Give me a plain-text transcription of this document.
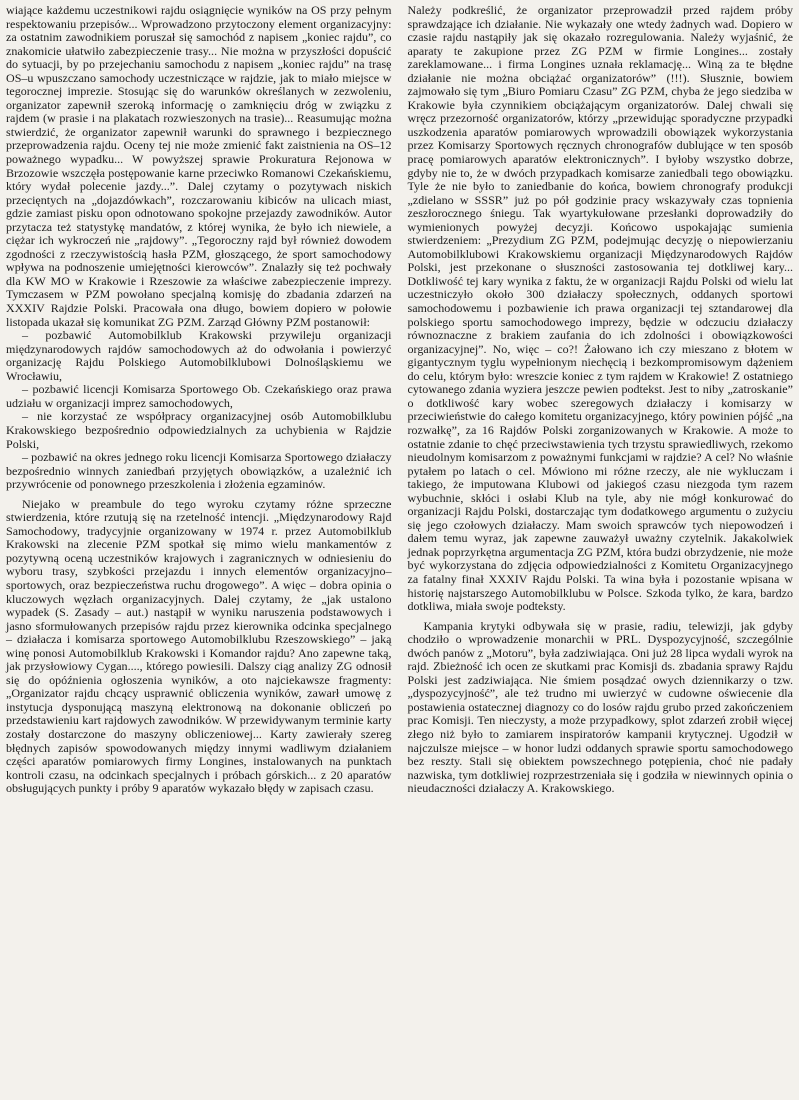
wiające każdemu uczestnikowi rajdu osiągnięcie wyników na OS przy pełnym respektowaniu przepisów... Wprowadzono przytoczony element organizacyjny: za ostatnim zawodnikiem poruszał się samochód z napisem „koniec rajdu”, co znakomicie ułatwiło zabezpieczenie trasy... Nie można w przyszłości dopuścić do sytuacji, by po przejechaniu samochodu z napisem „koniec rajdu” na trasę OS–u wpuszczano samochody uczestniczące w rajdzie, jak to miało miejsce w tegorocznej imprezie. Stosując się do warunków określanych w zezwoleniu, organizator zapewnił szeroką informację o zamknięciu dróg w związku z rajdem (w prasie i na plakatach rozwieszonych na trasie)... Reasumując można stwierdzić, że organizator zapewnił warunki do sprawnego i bezpiecznego przeprowadzenia rajdu. Oceny tej nie może zmienić fakt zaistnienia na OS–12 poważnego wypadku... W powyższej sprawie Prokuratura Rejonowa w Brzozowie wszczęła postępowanie karne przeciwko Romanowi Czekańskiemu, który wydał polecenie jazdy...”. Dalej czytamy o pozytywach niskich przecięntych na „dojazdówkach”, rozczarowaniu kibiców na ulicach miast, gdzie zamiast pisku opon odnotowano spokojne przejazdy zawodników. Autor przytacza też statystykę mandatów, z której wynika, że było ich niewiele, a ciężar ich wykroczeń nie „rajdowy”. „Tegoroczny rajd był również dowodem zgodności z rzeczywistością hasła PZM, głoszącego, że sport samochodowy wpływa na podnoszenie umiejętności kierowców”. Znalazły się też pochwały dla KW MO w Krakowie i Rzeszowie za właściwe zabezpieczenie imprezy. Tymczasem w PZM powołano specjalną komisję do zbadania zdarzeń na XXXIV Rajdzie Polski. Pracowała ona długo, bowiem dopiero w połowie listopada ukazał się komunikat ZG PZM. Zarząd Główny PZM postanowił:

– pozbawić Automobilklub Krakowski przywileju organizacji międzynarodowych rajdów samochodowych aż do odwołania i powierzyć organizację Rajdu Polskiego Automobilklubowi Dolnośląskiemu we Wrocławiu,

– pozbawić licencji Komisarza Sportowego Ob. Czekańskiego oraz prawa udziału w organizacji imprez samochodowych,

– nie korzystać ze współpracy organizacyjnej osób Automobilklubu Krakowskiego bezpośrednio odpowiedzialnych za uchybienia w Rajdzie Polski,

– pozbawić na okres jednego roku licencji Komisarza Sportowego działaczy bezpośrednio winnych zaniedbań przyjętych obowiązków, a uzależnić ich przywrócenie od ponownego przeszkolenia i złożenia egzaminów.

Niejako w preambule do tego wyroku czytamy różne sprzeczne stwierdzenia, które rzutują się na rzetelność intencji. „Międzynarodowy Rajd Samochodowy, tradycyjnie organizowany w 1974 r. przez Automobilklub Krakowski na zlecenie PZM spotkał się mimo wielu mankamentów z pozytywną oceną uczestników krajowych i zagranicznych w odniesieniu do wyboru trasy, szybkości przejazdu i innych elementów organizacyjno–sportowych, oraz bezpieczeństwa ruchu drogowego”. A więc – dobra opinia o kluczowych węzłach organizacyjnych. Dalej czytamy, że „jak ustalono wypadek (S. Zasady – aut.) nastąpił w wyniku naruszenia podstawowych i jasno sformułowanych przepisów rajdu przez kierownika odcinka specjalnego – działacza i komisarza sportowego Automobilklubu Rzeszowskiego” – jaką winę ponosi Automobilklub Krakowski i Komandor rajdu? Ano zapewne taką, jak przysłowiowy Cygan...., którego powiesili. Dalszy ciąg analizy ZG odnosił się do opóźnienia ogłoszenia wyników, a oto najciekawsze fragmenty: „Organizator rajdu chcący usprawnić obliczenia wyników, zawarł umowę z instytucja dysponującą maszyną elektronową na dokonanie obliczeń po przedstawieniu kart rajdowych zawodników. W przewidywanym terminie karty zostały dostarczone do maszyny obliczeniowej... Karty zawierały szereg błędnych zapisów spowodowanych między innymi wadliwym działaniem części aparatów pomiarowych firmy Longines, instalowanych na punktach kontroli czasu, na odcinkach specjalnych i próbach górskich... z 20 aparatów obsługujących punkty i próby 9 aparatów wykazało błędy w zapisach czasu.

Należy podkreślić, że organizator przeprowadził przed rajdem próby sprawdzające ich działanie. Nie wykazały one wtedy żadnych wad. Dopiero w czasie rajdu nastąpiły jak się okazało rozregulowania. Należy wyjaśnić, że aparaty te zakupione przez ZG PZM w firmie Longines... zostały zareklamowane... i firma Longines uznała reklamację... Winą za te błędne działanie nie można obciążać organizatorów” (!!!). Słusznie, bowiem zajmowało się tym „Biuro Pomiaru Czasu” ZG PZM, chyba że jego siedziba w Krakowie była czynnikiem obciążającym organizatorów. Dalej chwali się wręcz przezorność organizatorów, którzy „przewidując sporadyczne przypadki uszkodzenia aparatów pomiarowych wprowadzili obowiązek wykorzystania przez Komisarzy Sportowych ręcznych chronografów dublujące w ten sposób pracę pomiarowych aparatów elektronicznych”. I byłoby wszystko dobrze, gdyby nie to, że w dwóch przypadkach komisarze zaniedbali tego obowiązku. Tyle że nie było to zaniedbanie do końca, bowiem chronografy produkcji „zdielano w SSSR” już po pół godzinie pracy wskazywały czas topnienia zeszłorocznego śniegu. Tak wyartykułowane przesłanki doprowadziły do wymienionych powyżej decyzji. Końcowo uspokajając sumienia stwierdzeniem: „Prezydium ZG PZM, podejmując decyzję o niepowierzaniu Automobilklubowi Krakowskiemu organizacji Międzynarodowych Rajdów Polski, jest przekonane o słuszności zastosowania tej dotkliwej kary... Dotkliwość tej kary wynika z faktu, że w organizacji Rajdu Polski od wielu lat uczestniczyło około 300 działaczy społecznych, oddanych sportowi samochodowemu i pozbawienie ich prawa organizacji tej sztandarowej dla polskiego sportu samochodowego imprezy, będzie w odczuciu działaczy równoznaczne z brakiem zaufania do ich zdolności i obowiązkowości organizacyjnej”. No, więc – co?! Żałowano ich czy mieszano z błotem w gigantycznym tyglu wypełnionym niechęcią i bezkompromisowym dążeniem do celu, którym było: wreszcie koniec z tym rajdem w Krakowie! Z ostatniego cytowanego zdania wyziera jeszcze pewien podtekst. Jest to niby „zatroskanie” o dotkliwość kary wobec szeregowych działaczy i komisarzy w przeciwieństwie do całego komitetu organizacyjnego, który powinien pójść „na rozwałkę”, za 16 Rajdów Polski zorganizowanych w Krakowie. A może to ostatnie zdanie to chęć przeciwstawienia tych trzystu sprawiedliwych, rzekomo nieudolnym komisarzom z poważnymi funkcjami w rajdzie? A cel? No właśnie pytałem po latach o cel. Mówiono mi różne rzeczy, ale nie wykluczam i takiego, że imputowana Klubowi od jakiegoś czasu niezgoda tym razem wybuchnie, skłóci i osłabi Klub na tyle, aby nie mógł konkurować do organizacji Rajdu Polski, dostarczając tym dodatkowego argumentu o zużyciu się jego czołowych działaczy. Mam swoich sprawców tych niepowodzeń i dałem temu wyraz, jak zapewne zauważył uważny czytelnik. Jakakolwiek jednak poprzyrkętna argumentacja ZG PZM, która budzi obrzydzenie, nie może być wykorzystana do zdjęcia odpowiedzialności z Komitetu Organizacyjnego za fatalny finał XXXIV Rajdu Polski. Ta wina była i pozostanie wpisana w historię najstarszego Automobilklubu w Polsce. Szkoda tylko, że kara, bardzo dotkliwa, miała swoje podteksty.

Kampania krytyki odbywała się w prasie, radiu, telewizji, jak gdyby chodziło o wprowadzenie monarchii w PRL. Dyspozycyjność, szczególnie dwóch panów z „Motoru”, była zadziwiająca. Oni już 28 lipca wydali wyrok na rajd. Zbieżność ich ocen ze skutkami prac Komisji ds. zbadania sprawy Rajdu Polski jest zadziwiająca. Nie śmiem posądzać owych dziennikarzy o tzw. „dyspozycyjność”, ale też trudno mi uwierzyć w cudowne oświecenie dla postawienia ostatecznej diagnozy co do losów rajdu grubo przed zakończeniem prac Komisji. Ten nieczysty, a może przypadkowy, splot zdarzeń zrobił więcej złego niż było to zamiarem inspiratorów kampanii krytycznej. Ugodził w najczulsze miejsce – w honor ludzi oddanych sprawie sportu samochodowego bez reszty. Stali się obiektem powszechnego potępienia, choć nie padały nazwiska, tym dotkliwiej rozprzestrzeniała się i godziła w niewinnych opinia o nieudaczności działaczy A. Krakowskiego.
